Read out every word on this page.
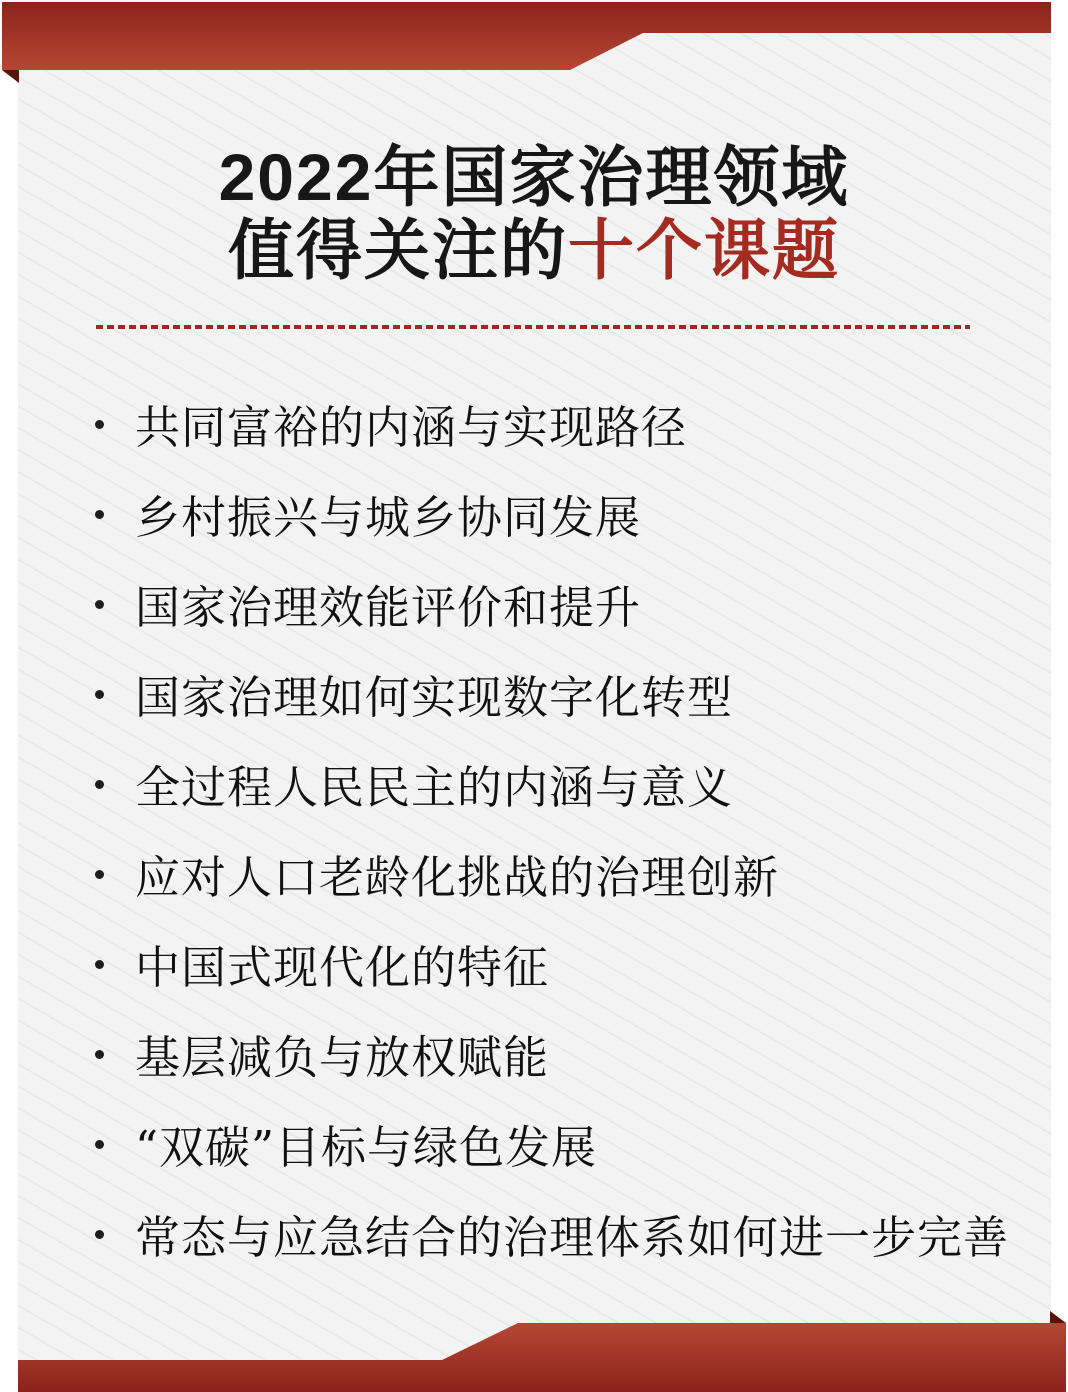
2022年国家治理领域
值得关注的十个课题
共同富裕的内涵与实现路径
乡村振兴与城乡协同发展
国家治理效能评价和提升
国家治理如何实现数字化转型
全过程人民民主的内涵与意义
应对人口老龄化挑战的治理创新
中国式现代化的特征
基层减负与放权赋能
“双碳”目标与绿色发展
常态与应急结合的治理体系如何进一步完善
